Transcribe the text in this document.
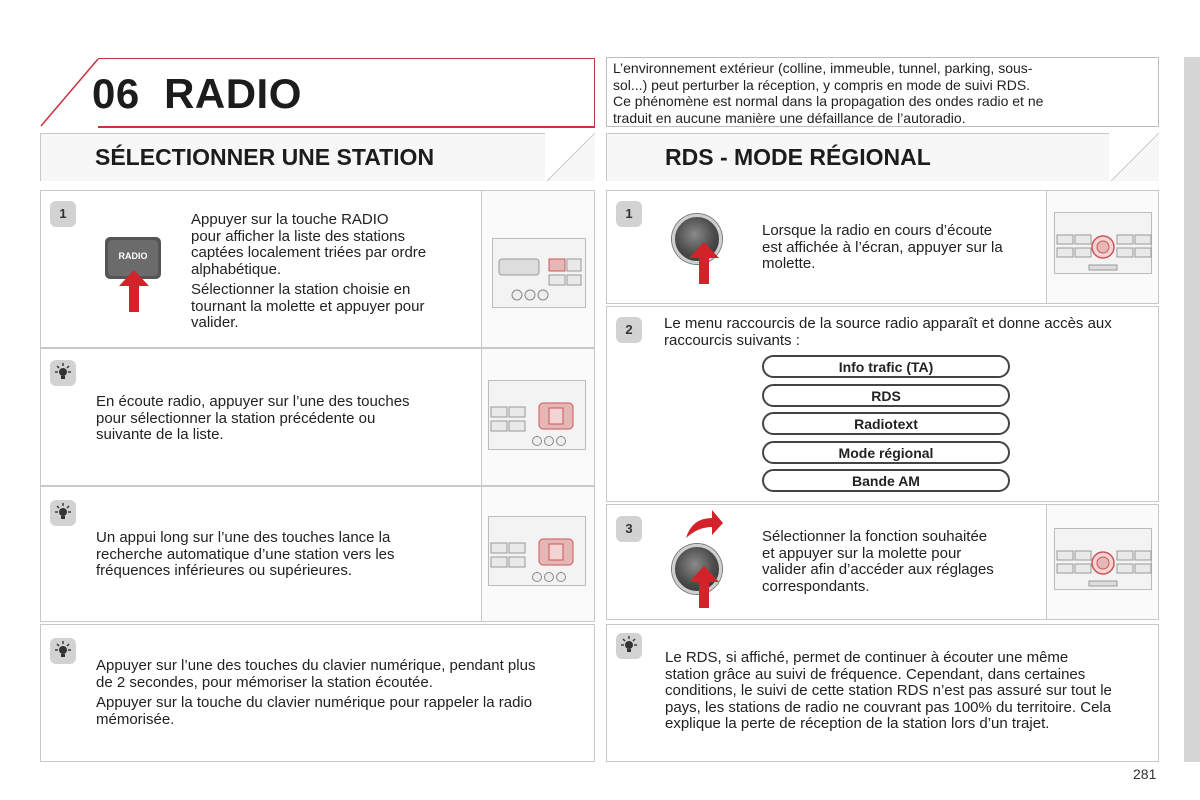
06 RADIO
L’environnement extérieur (colline, immeuble, tunnel, parking, sous-
sol...) peut perturber la réception, y compris en mode de suivi RDS.
Ce phénomène est normal dans la propagation des ondes radio et ne
traduit en aucune manière une défaillance de l’autoradio.
SÉLECTIONNER UNE STATION
1
RADIO

Appuyer sur la touche RADIO
pour afficher la liste des stations
captées localement triées par ordre
alphabétique.

Sélectionner la station choisie en
tournant la molette et appuyer pour
valider.

En écoute radio, appuyer sur l’une des touches
pour sélectionner la station précédente ou
suivante de la liste.
Un appui long sur l’une des touches lance la
recherche automatique d’une station vers les
fréquences inférieures ou supérieures.

Appuyer sur l’une des touches du clavier numérique, pendant plus
de 2 secondes, pour mémoriser la station écoutée.

Appuyer sur la touche du clavier numérique pour rappeler la radio
mémorisée.

RDS - MODE RÉGIONAL
1
Lorsque la radio en cours d’écoute
est affichée à l’écran, appuyer sur la
molette.
2	Le menu raccourcis de la source radio apparaît et donne accès aux
raccourcis suivants :
Info trafic (TA)
RDS
Radiotext
Mode régional
Bande AM
3	Sélectionner la fonction souhaitée
et appuyer sur la molette pour
valider afin d’accéder aux réglages
correspondants.
Le RDS, si affiché, permet de continuer à écouter une même
station grâce au suivi de fréquence. Cependant, dans certaines
conditions, le suivi de cette station RDS n’est pas assuré sur tout le
pays, les stations de radio ne couvrant pas 100% du territoire. Cela
explique la perte de réception de la station lors d’un trajet.
281
